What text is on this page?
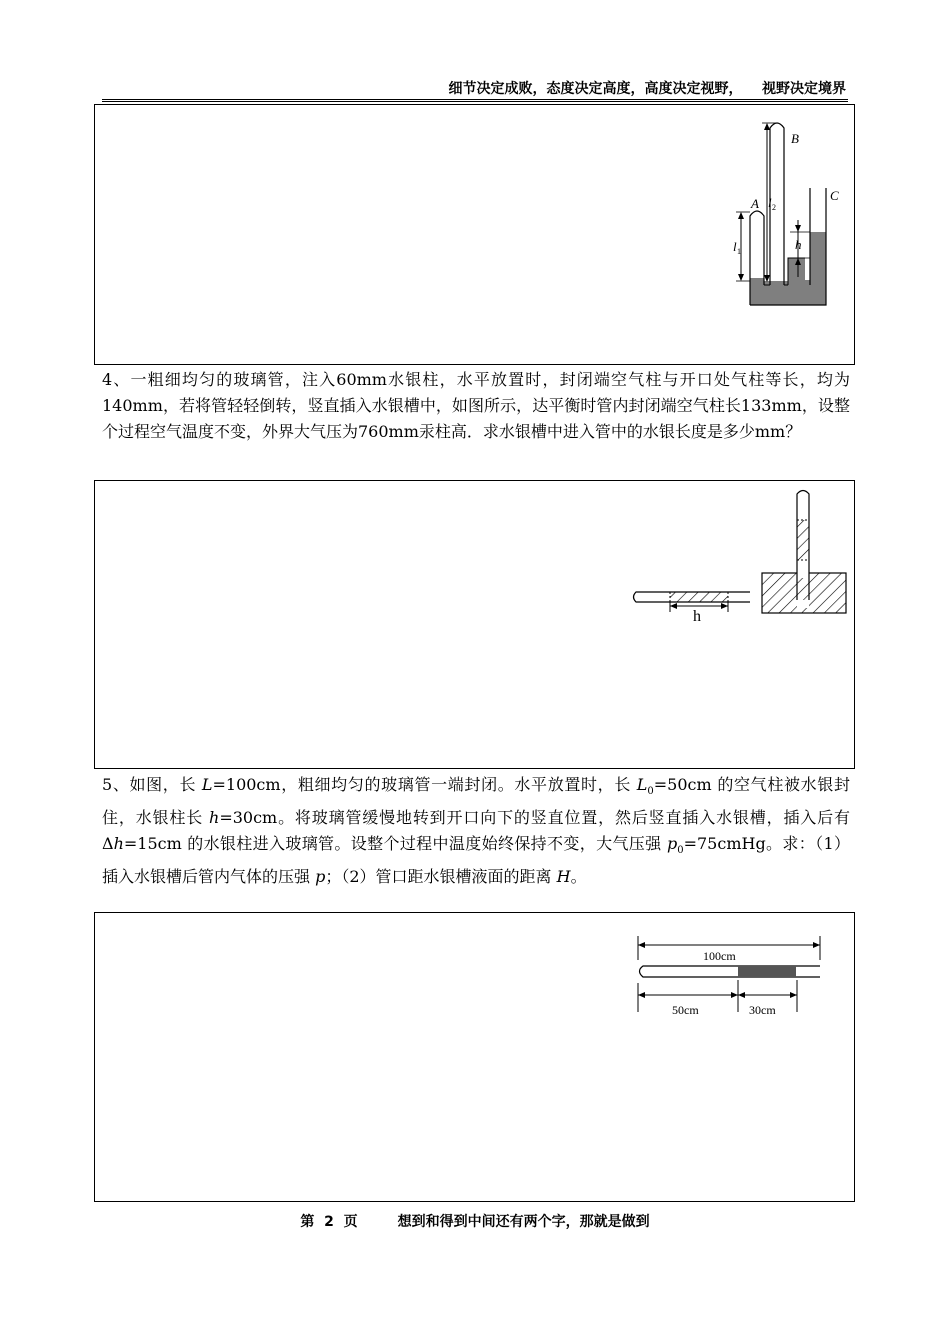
细节决定成败，态度决定高度，高度决定视野，    视野决定境界
B
A
C
l 2
l 1	h
4、一粗细均匀的玻璃管，注入60mm水银柱，水平放置时，封闭端空气柱与开口处气柱等长，均为140mm，若将管轻轻倒转，竖直插入水银槽中，如图所示，达平衡时管内封闭端空气柱长133mm，设整个过程空气温度不变，外界大气压为760mm汞柱高．求水银槽中进入管中的水银长度是多少mm？
h
5、如图，长 L=100cm，粗细均匀的玻璃管一端封闭。水平放置时，长 $L_0=50cm$ 的空气柱被水银封住，水银柱长 h=30cm。将玻璃管缓慢地转到开口向下的竖直位置，然后竖直插入水银槽，插入后有 Δh=15cm 的水银柱进入玻璃管。设整个过程中温度始终保持不变，大气压强 $p_0=75cmHg$。求：（1）插入水银槽后管内气体的压强 p；（2）管口距水银槽液面的距离 H。
100cm
50cm	30cm
第  2  页	想到和得到中间还有两个字，那就是做到
